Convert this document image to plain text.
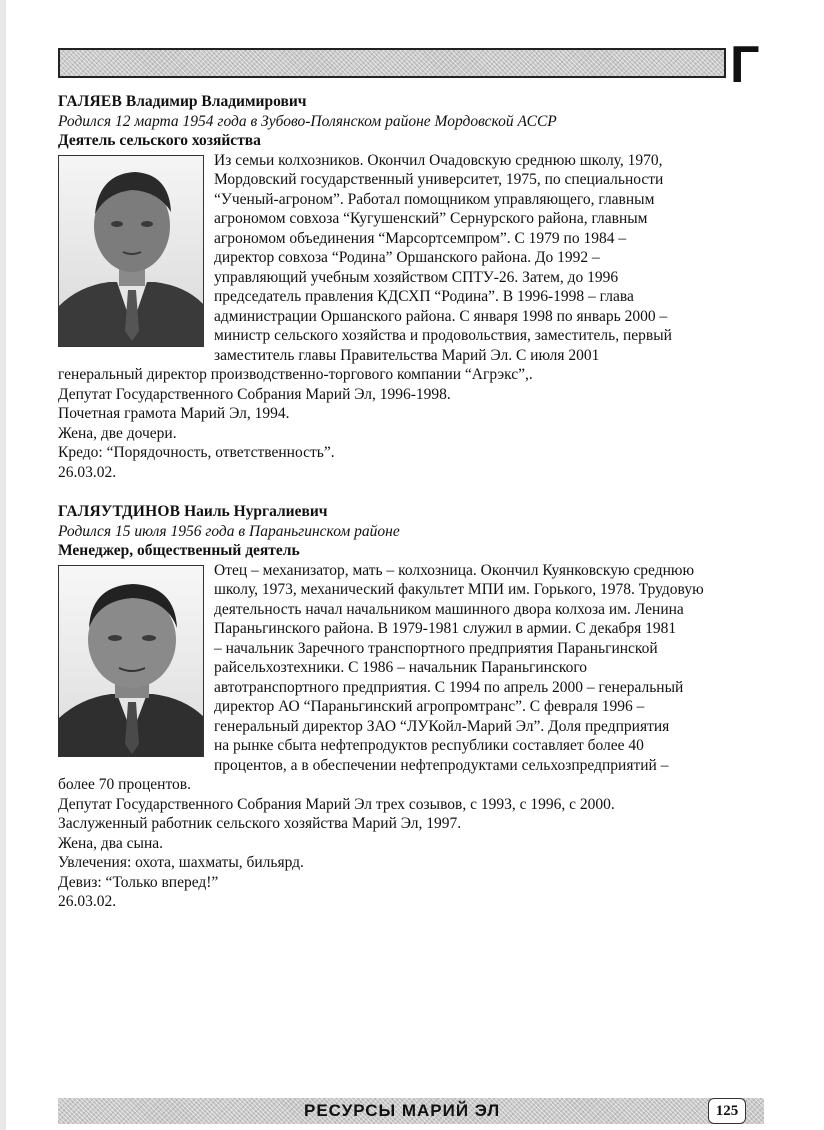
Г

ГАЛЯЕВ Владимир Владимирович

Родился 12 марта 1954 года в Зубово-Полянском районе Мордовской АССР

Деятель сельского хозяйства

Из семьи колхозников. Окончил Очадовскую среднюю школу, 1970,
Мордовский государственный университет, 1975, по специальности
“Ученый-агроном”. Работал помощником управляющего, главным
агрономом совхоза “Кугушенский” Сернурского района, главным
агрономом объединения “Марсортсемпром”. С 1979 по 1984 –
директор совхоза “Родина” Оршанского района. До 1992 –
управляющий учебным хозяйством СПТУ-26. Затем, до 1996
председатель правления КДСХП “Родина”. В 1996-1998 – глава
администрации Оршанского района. С января 1998 по январь 2000 –
министр сельского хозяйства и продовольствия, заместитель, первый
заместитель главы Правительства Марий Эл. С июля 2001

генеральный директор производственно-торгового компании “Агрэкс”,.

Депутат Государственного Собрания Марий Эл, 1996-1998.

Почетная грамота Марий Эл, 1994.

Жена, две дочери.

Кредо: “Порядочность, ответственность”.

26.03.02.

ГАЛЯУТДИНОВ Наиль Нургалиевич

Родился 15 июля 1956 года в Параньгинском районе

Менеджер, общественный деятель

Отец – механизатор, мать – колхозница. Окончил Куянковскую среднюю
школу, 1973, механический факультет МПИ им. Горького, 1978. Трудовую
деятельность начал начальником машинного двора колхоза им. Ленина
Параньгинского района. В 1979-1981 служил в армии. С декабря 1981
– начальник Заречного транспортного предприятия Параньгинской
райсельхозтехники. С 1986 – начальник Параньгинского
автотранспортного предприятия. С 1994 по апрель 2000 – генеральный
директор АО “Параньгинский агропромтранс”. С февраля 1996 –
генеральный директор ЗАО “ЛУКойл-Марий Эл”. Доля предприятия
на рынке сбыта нефтепродуктов республики составляет более 40
процентов, а в обеспечении нефтепродуктами сельхозпредприятий –

более 70 процентов.

Депутат Государственного Собрания Марий Эл трех созывов, с 1993, с 1996, с 2000.

Заслуженный работник сельского хозяйства Марий Эл, 1997.

Жена, два сына.

Увлечения: охота, шахматы, бильярд.

Девиз: “Только вперед!”

26.03.02.

РЕСУРСЫ МАРИЙ ЭЛ	125
